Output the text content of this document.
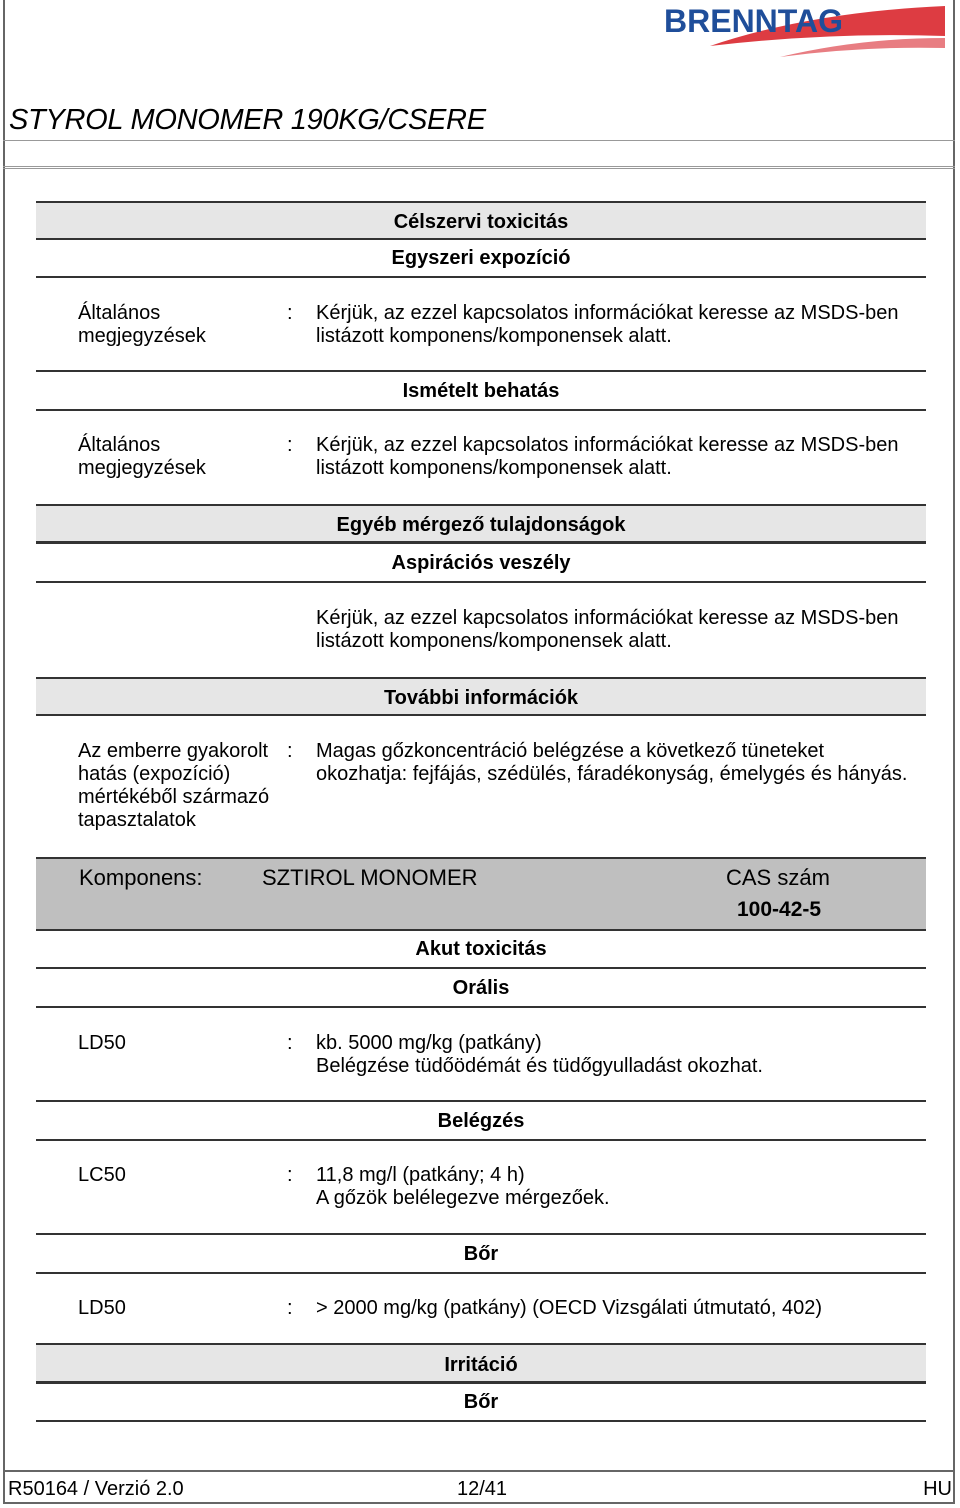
BRENNTAG
STYROL MONOMER 190KG/CSERE
Célszervi toxicitás
Egyszeri expozíció
Általános
megjegyzések
: Kérjük, az ezzel kapcsolatos információkat keresse az MSDS-ben
listázott komponens/komponensek alatt.
Ismételt behatás
Általános
megjegyzések
: Kérjük, az ezzel kapcsolatos információkat keresse az MSDS-ben
listázott komponens/komponensek alatt.
Egyéb mérgező tulajdonságok
Aspirációs veszély
Kérjük, az ezzel kapcsolatos információkat keresse az MSDS-ben
listázott komponens/komponensek alatt.
További információk
Az emberre gyakorolt
hatás (expozíció)
mértékéből származó
tapasztalatok
: Magas gőzkoncentráció belégzése a következő tüneteket
okozhatja: fejfájás, szédülés, fáradékonyság, émelygés és hányás.
Komponens:	SZTIROL MONOMER	CAS szám
100-42-5
Akut toxicitás
Orális
LD50	: kb. 5000 mg/kg (patkány)
Belégzése tüdőödémát és tüdőgyulladást okozhat.
Belégzés
LC50	: 11,8 mg/l (patkány; 4 h)
A gőzök belélegezve mérgezőek.
Bőr
LD50	: > 2000 mg/kg (patkány) (OECD Vizsgálati útmutató, 402)
Irritáció
Bőr
R50164 / Verzió 2.0	12/41	HU
